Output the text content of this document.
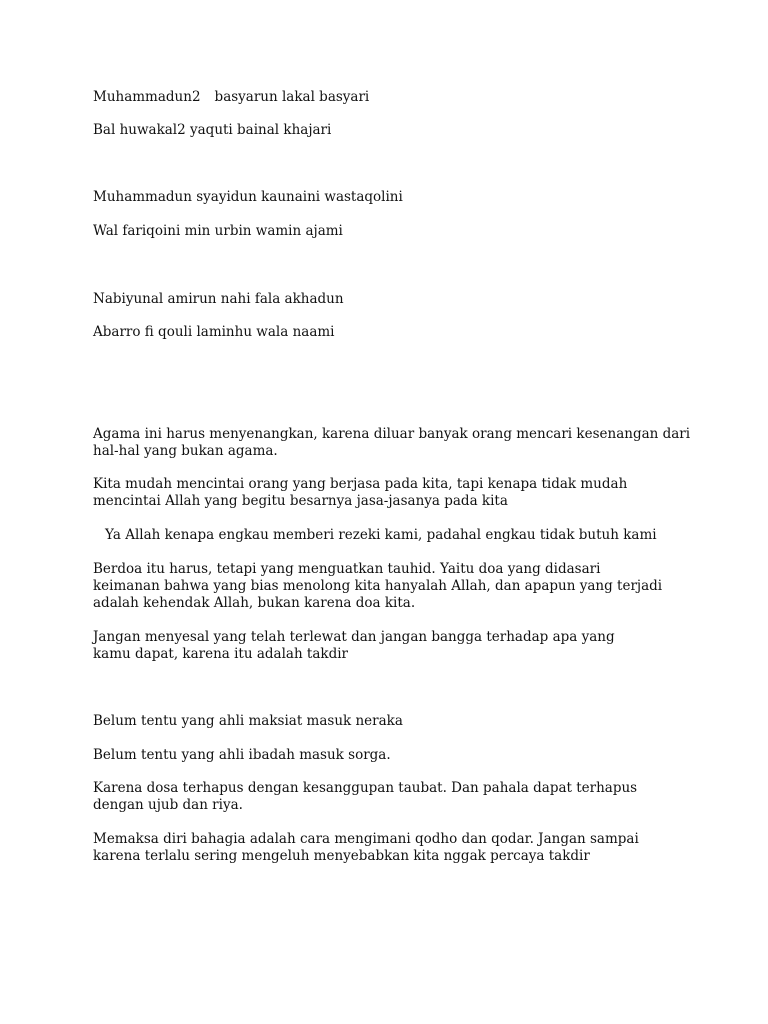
Muhammadun2 basyarun lakal basyari

Bal huwakal2 yaquti bainal khajari

Muhammadun syayidun kaunaini wastaqolini

Wal fariqoini min urbin wamin ajami

Nabiyunal amirun nahi fala akhadun

Abarro fi qouli laminhu wala naami

Agama ini harus menyenangkan, karena diluar banyak orang mencari kesenangan dari hal-hal yang bukan agama.

Kita mudah mencintai orang yang berjasa pada kita, tapi kenapa tidak mudah mencintai Allah yang begitu besarnya jasa-jasanya pada kita

Ya Allah kenapa engkau memberi rezeki kami, padahal engkau tidak butuh kami

Berdoa itu harus, tetapi yang menguatkan tauhid. Yaitu doa yang didasari keimanan bahwa yang bias menolong kita hanyalah Allah, dan apapun yang terjadi adalah kehendak Allah, bukan karena doa kita.

Jangan menyesal yang telah terlewat dan jangan bangga terhadap apa yang kamu dapat, karena itu adalah takdir

Belum tentu yang ahli maksiat masuk neraka

Belum tentu yang ahli ibadah masuk sorga.

Karena dosa terhapus dengan kesanggupan taubat. Dan pahala dapat terhapus dengan ujub dan riya.

Memaksa diri bahagia adalah cara mengimani qodho dan qodar. Jangan sampai karena terlalu sering mengeluh menyebabkan kita nggak percaya takdir
